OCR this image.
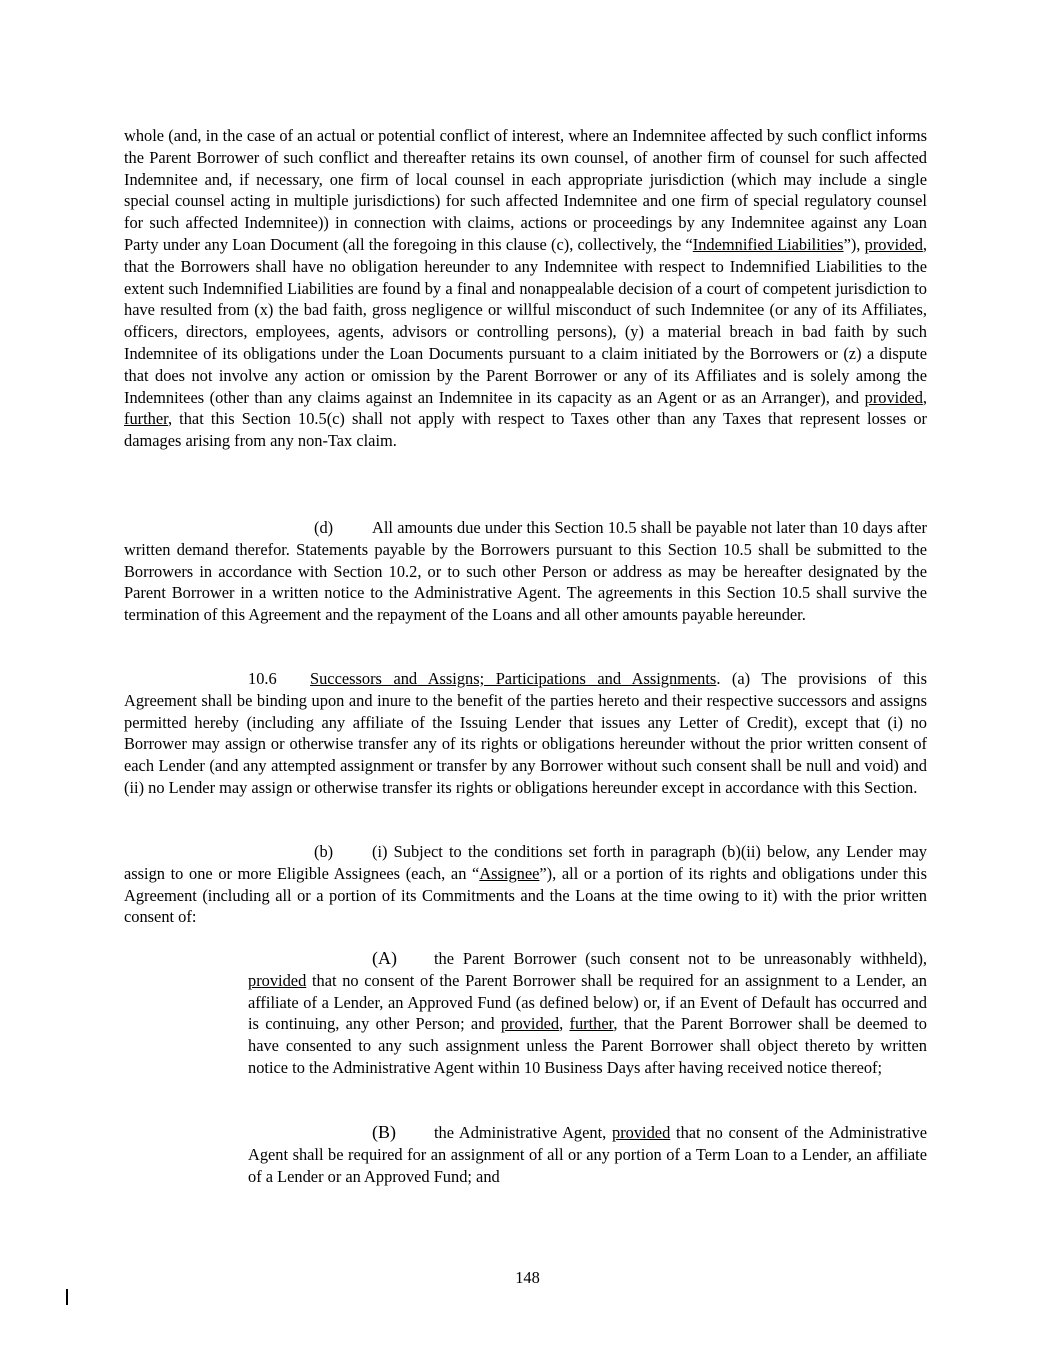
whole (and, in the case of an actual or potential conflict of interest, where an Indemnitee affected by such conflict informs the Parent Borrower of such conflict and thereafter retains its own counsel, of another firm of counsel for such affected Indemnitee and, if necessary, one firm of local counsel in each appropriate jurisdiction (which may include a single special counsel acting in multiple jurisdictions) for such affected Indemnitee and one firm of special regulatory counsel for such affected Indemnitee)) in connection with claims, actions or proceedings by any Indemnitee against any Loan Party under any Loan Document (all the foregoing in this clause (c), collectively, the “Indemnified Liabilities”), provided, that the Borrowers shall have no obligation hereunder to any Indemnitee with respect to Indemnified Liabilities to the extent such Indemnified Liabilities are found by a final and nonappealable decision of a court of competent jurisdiction to have resulted from (x) the bad faith, gross negligence or willful misconduct of such Indemnitee (or any of its Affiliates, officers, directors, employees, agents, advisors or controlling persons), (y) a material breach in bad faith by such Indemnitee of its obligations under the Loan Documents pursuant to a claim initiated by the Borrowers or (z) a dispute that does not involve any action or omission by the Parent Borrower or any of its Affiliates and is solely among the Indemnitees (other than any claims against an Indemnitee in its capacity as an Agent or as an Arranger), and provided, further, that this Section 10.5(c) shall not apply with respect to Taxes other than any Taxes that represent losses or damages arising from any non-Tax claim.

(d) All amounts due under this Section 10.5 shall be payable not later than 10 days after written demand therefor. Statements payable by the Borrowers pursuant to this Section 10.5 shall be submitted to the Borrowers in accordance with Section 10.2, or to such other Person or address as may be hereafter designated by the Parent Borrower in a written notice to the Administrative Agent. The agreements in this Section 10.5 shall survive the termination of this Agreement and the repayment of the Loans and all other amounts payable hereunder.

10.6 Successors and Assigns; Participations and Assignments. (a) The provisions of this Agreement shall be binding upon and inure to the benefit of the parties hereto and their respective successors and assigns permitted hereby (including any affiliate of the Issuing Lender that issues any Letter of Credit), except that (i) no Borrower may assign or otherwise transfer any of its rights or obligations hereunder without the prior written consent of each Lender (and any attempted assignment or transfer by any Borrower without such consent shall be null and void) and (ii) no Lender may assign or otherwise transfer its rights or obligations hereunder except in accordance with this Section.

(b) (i) Subject to the conditions set forth in paragraph (b)(ii) below, any Lender may assign to one or more Eligible Assignees (each, an “Assignee”), all or a portion of its rights and obligations under this Agreement (including all or a portion of its Commitments and the Loans at the time owing to it) with the prior written consent of:

(A) the Parent Borrower (such consent not to be unreasonably withheld), provided that no consent of the Parent Borrower shall be required for an assignment to a Lender, an affiliate of a Lender, an Approved Fund (as defined below) or, if an Event of Default has occurred and is continuing, any other Person; and provided, further, that the Parent Borrower shall be deemed to have consented to any such assignment unless the Parent Borrower shall object thereto by written notice to the Administrative Agent within 10 Business Days after having received notice thereof;

(B) the Administrative Agent, provided that no consent of the Administrative Agent shall be required for an assignment of all or any portion of a Term Loan to a Lender, an affiliate of a Lender or an Approved Fund; and

148
